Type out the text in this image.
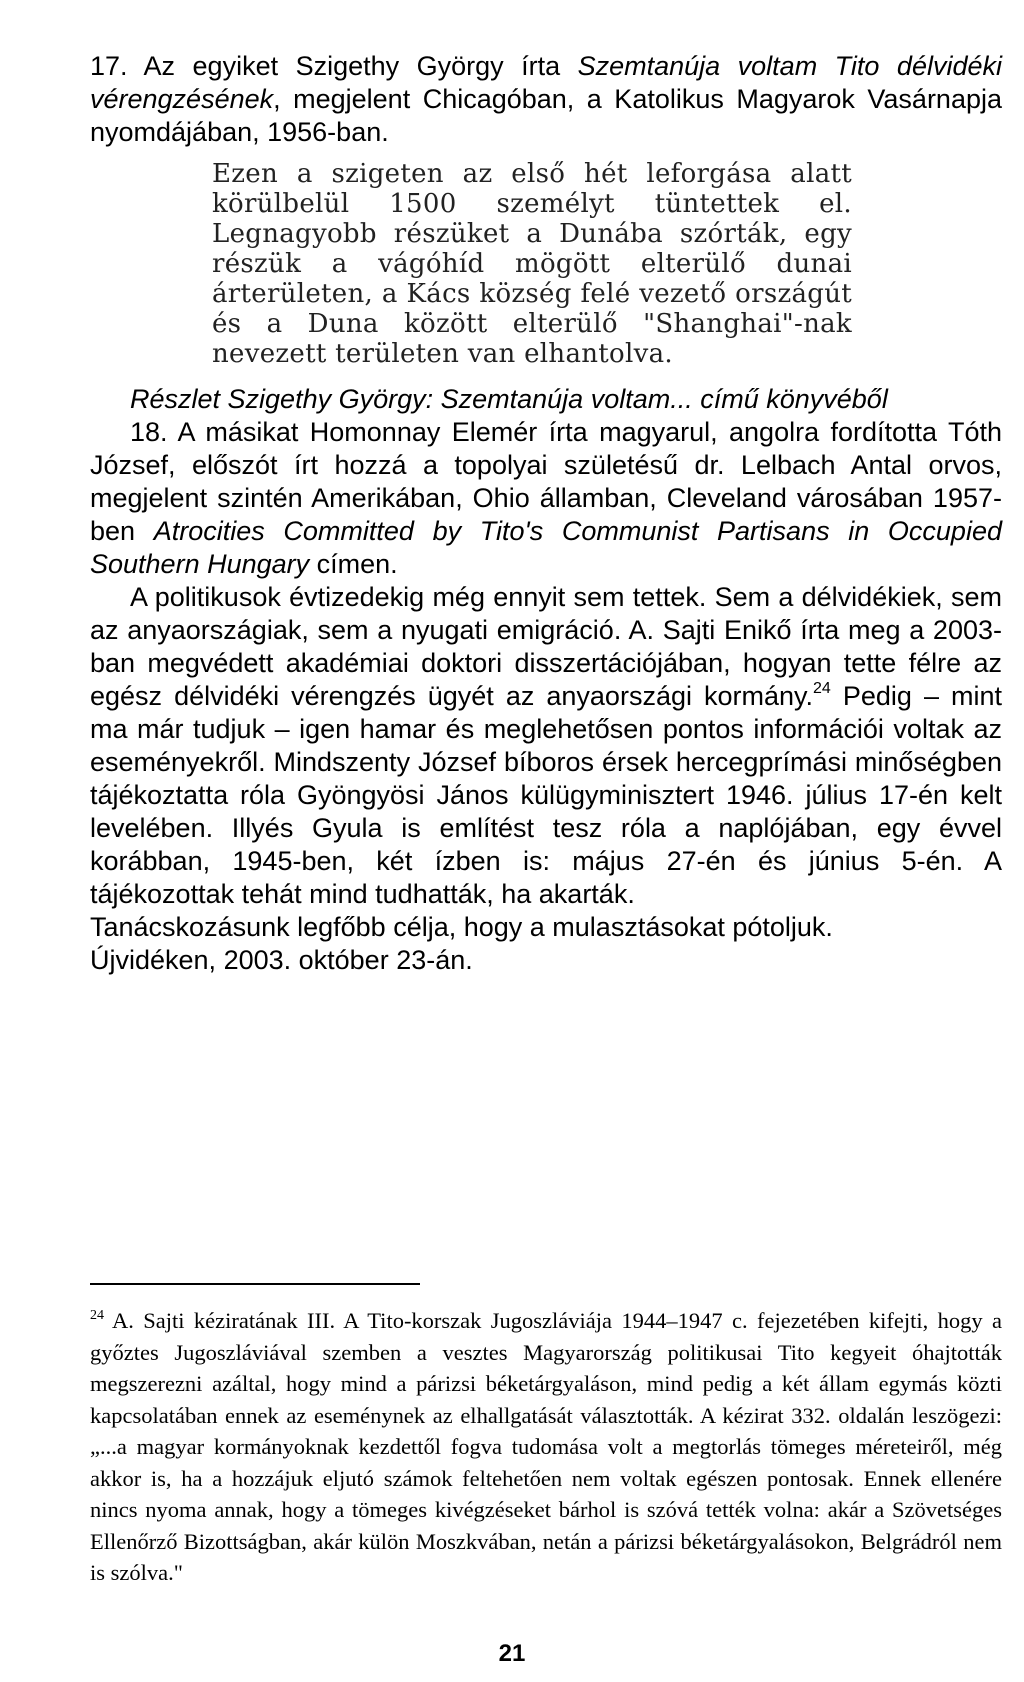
17. Az egyiket Szigethy György írta Szemtanúja voltam Tito délvidéki vérengzésének, megjelent Chicagóban, a Katolikus Magyarok Vasárnapja nyomdájában, 1956-ban.

Ezen a szigeten az első hét leforgása alatt körülbelül 1500 személyt tüntettek el. Legnagyobb részüket a Dunába szórták, egy részük a vágóhíd mögött elterülő dunai árterületen, a Kács község felé vezető országút és a Duna között elterülő "Shanghai"-nak nevezett területen van elhantolva.
Részlet Szigethy György: Szemtanúja voltam... című könyvéből

18. A másikat Homonnay Elemér írta magyarul, angolra fordította Tóth József, előszót írt hozzá a topolyai születésű dr. Lelbach Antal orvos, megjelent szintén Amerikában, Ohio államban, Cleveland városában 1957-ben Atrocities Committed by Tito's Communist Partisans in Occupied Southern Hungary címen.

A politikusok évtizedekig még ennyit sem tettek. Sem a délvidékiek, sem az anyaországiak, sem a nyugati emigráció. A. Sajti Enikő írta meg a 2003-ban megvédett akadémiai doktori disszertációjában, hogyan tette félre az egész délvidéki vérengzés ügyét az anyaországi kormány.$^{24}$ Pedig – mint ma már tudjuk – igen hamar és meglehetősen pontos információi voltak az eseményekről. Mindszenty József bíboros érsek hercegprímási minőségben tájékoztatta róla Gyöngyösi János külügyminisztert 1946. július 17-én kelt levelében. Illyés Gyula is említést tesz róla a naplójában, egy évvel korábban, 1945-ben, két ízben is: május 27-én és június 5-én. A tájékozottak tehát mind tudhatták, ha akarták.

Tanácskozásunk legfőbb célja, hogy a mulasztásokat pótoljuk.

Újvidéken, 2003. október 23-án.

$^{24}$ A. Sajti kéziratának III. A Tito-korszak Jugoszláviája 1944–1947 c. fejezetében kifejti, hogy a győztes Jugoszláviával szemben a vesztes Magyarország politikusai Tito kegyeit óhajtották megszerezni azáltal, hogy mind a párizsi béketárgyaláson, mind pedig a két állam egymás közti kapcsolatában ennek az eseménynek az elhallgatását választották. A kézirat 332. oldalán leszögezi: „...a magyar kormányoknak kezdettől fogva tudomása volt a megtorlás tömeges méreteiről, még akkor is, ha a hozzájuk eljutó számok feltehetően nem voltak egészen pontosak. Ennek ellenére nincs nyoma annak, hogy a tömeges kivégzéseket bárhol is szóvá tették volna: akár a Szövetséges Ellenőrző Bizottságban, akár külön Moszkvában, netán a párizsi béketárgyalásokon, Belgrádról nem is szólva."
21
